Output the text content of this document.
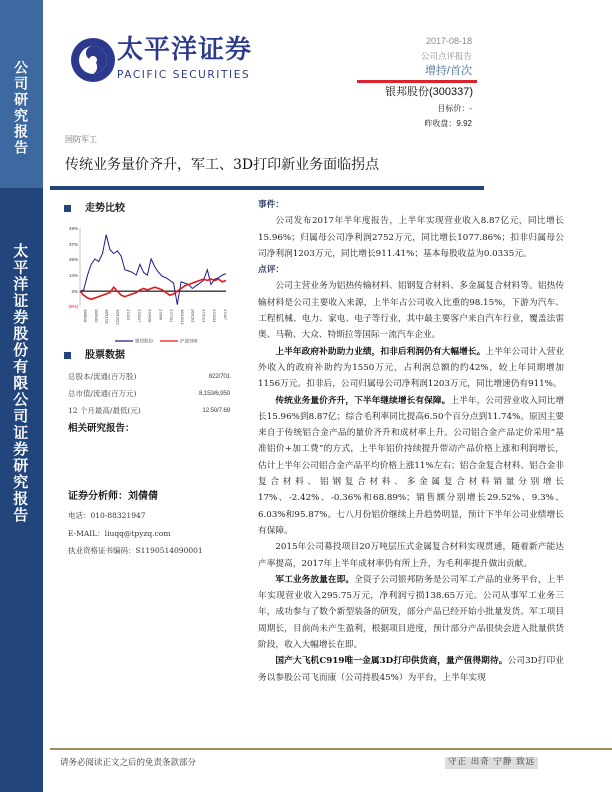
公司研究报告
太平洋证券股份有限公司证券研究报告
太平洋证券
PACIFIC SECURITIES
2017-08-18
公司点评报告
增持/首次
银邦股份(300337)
目标价：-
昨收盘：9.92
国防军工
传统业务量价齐升，军工、3D打印新业务面临拐点
走势比较
49%
37%
26%
14%
2%
(9%)
16/8/18 16/9/30 16/11/11 16/12/23 17/2/3 17/3/17 17/4/28 17/6/9 17/7/21 16/10/21 16/12/2 17/1/13 17/2/24 17/4/7
银邦股份	沪深300
股票数据
总股本/流通(百万股)	822/701
总市值/流通(百万元)	8,153/6,950
12 个月最高/最低(元)	12.50/7.69
相关研究报告：
证券分析师：刘倩倩
电话：010-88321947
E-MAIL：liuqq@tpyzq.com
执业资格证书编码：S1190514090001
事件：

公司发布2017年半年度报告，上半年实现营业收入8.87亿元，同比增长15.96%；归属母公司净利润2752万元，同比增长1077.86%；扣非归属母公司净利润1203万元，同比增长911.41%；基本每股收益为0.0335元。

点评：

公司主营业务为铝热传输材料、铝钢复合材料、多金属复合材料等。铝热传输材料是公司主要收入来源，上半年占公司收入比重的98.15%，下游为汽车、工程机械、电力、家电、电子等行业，其中最主要客户来自汽车行业，覆盖法雷奥、马勒、大众、特斯拉等国际一流汽车企业。

上半年政府补助助力业绩，扣非后利润仍有大幅增长。上半年公司计入营业外收入的政府补助约为1550万元，占利润总额的约42%，较上年同期增加1156万元。扣非后，公司归属母公司净利润1203万元，同比增速仍有911%。

传统业务量价齐升，下半年继续增长有保障。上半年，公司营业收入同比增长15.96%到8.87亿；综合毛利率同比提高6.50个百分点到11.74%。原因主要来自于传统铝合金产品的量价齐升和成材率上升。公司铝合金产品定价采用“基准铝价+加工费”的方式，上半年铝价持续提升带动产品价格上涨和利润增长，估计上半年公司铝合金产品平均价格上涨11%左右；铝合金复合材料、铝合金非复合材料、铝钢复合材料、多金属复合材料销量分别增长17%、-2.42%、-0.36%和68.89%；销售额分别增长29.52%、9.3%、6.03%和95.87%。七八月份铝价继续上升趋势明显，预计下半年公司业绩增长有保障。

2015年公司募投项目20万吨层压式金属复合材料实现贯通，随着新产能达产率提高，2017年上半年成材率仍有所上升，为毛利率提升做出贡献。

军工业务放量在即。全资子公司银邦防务是公司军工产品的业务平台，上半年实现营业收入295.75万元，净利润亏损138.65万元。公司从事军工业务三年，成功参与了数个新型装备的研发，部分产品已经开始小批量发货。军工项目周期长，目前尚未产生盈利，根据项目进度，预计部分产品很快会进入批量供货阶段，收入大幅增长在即。

国产大飞机C919唯一金属3D打印供货商，量产值得期待。公司3D打印业务以参股公司飞而康（公司持股45%）为平台，上半年实现

请务必阅读正文之后的免责条款部分	守正 出奇 宁静 致远
